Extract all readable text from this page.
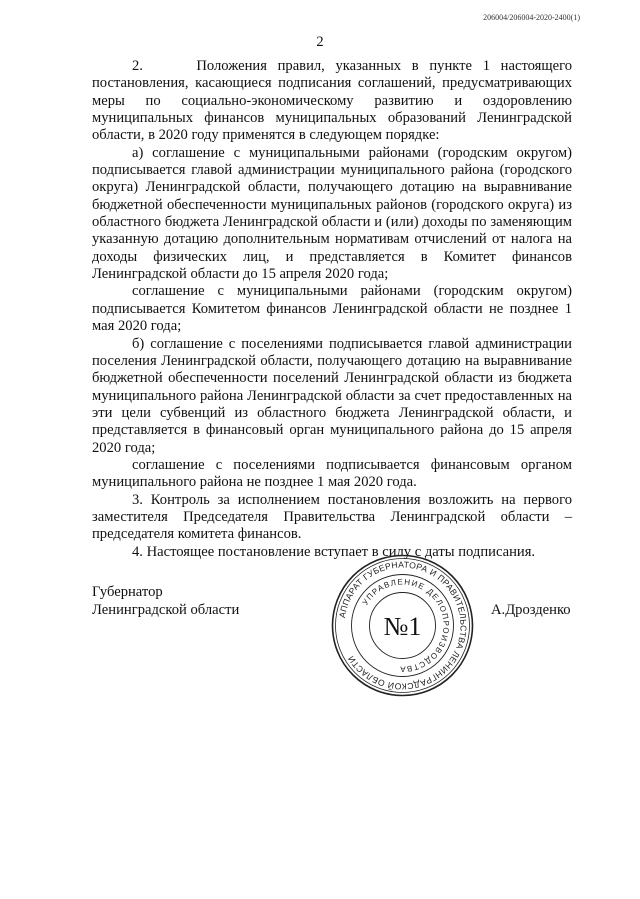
206004/206004-2020-2400(1)
2

2.     Положения правил, указанных в пункте 1 настоящего постановления, касающиеся подписания соглашений, предусматривающих меры по социально-экономическому развитию и оздоровлению муниципальных финансов муниципальных образований Ленинградской области, в 2020 году применятся в следующем порядке:

а) соглашение с муниципальными районами (городским округом) подписывается главой администрации муниципального района (городского округа) Ленинградской области, получающего дотацию на выравнивание бюджетной обеспеченности муниципальных районов (городского округа) из областного бюджета Ленинградской области и (или) доходы по заменяющим указанную дотацию дополнительным нормативам отчислений от налога на доходы физических лиц, и представляется в Комитет финансов Ленинградской области до 15 апреля 2020 года;

соглашение с муниципальными районами (городским округом) подписывается Комитетом финансов Ленинградской области не позднее 1 мая 2020 года;

б) соглашение с поселениями подписывается главой администрации поселения Ленинградской области, получающего дотацию на выравнивание бюджетной обеспеченности поселений Ленинградской области из бюджета муниципального района Ленинградской области за счет предоставленных на эти цели субвенций из областного бюджета Ленинградской области, и представляется в финансовый орган муниципального района до 15 апреля 2020 года;

соглашение с поселениями подписывается финансовым органом муниципального района не позднее 1 мая 2020 года.

3. Контроль за исполнением постановления возложить на первого заместителя Председателя Правительства Ленинградской области – председателя комитета финансов.

4. Настоящее постановление вступает в силу с даты подписания.

Губернатор
Ленинградской области	АППАРАТ ГУБЕРНАТОРА И ПРАВИТЕЛЬСТВА ЛЕНИНГРАДСКОЙ ОБЛАСТИ
УПРАВЛЕНИЕ ДЕЛОПРОИЗВОДСТВА
№1
А.Дрозденко
